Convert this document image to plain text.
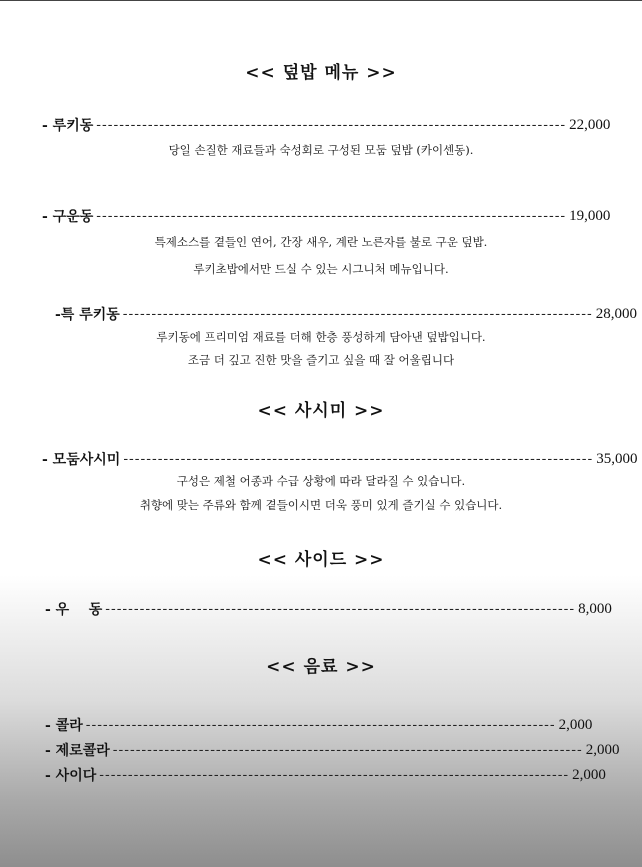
<< 덮밥 메뉴 >>
- 루키동 ---------------------------------------------------------------------------------- 22,000
당일 손질한 재료들과 숙성회로 구성된 모둠 덮밥 (카이센동).
- 구운동 ---------------------------------------------------------------------------------- 19,000
특제소스를 곁들인 연어, 간장 새우, 계란 노른자를 불로 구운 덮밥.
루키초밥에서만 드실 수 있는 시그니처 메뉴입니다.
-특 루키동 ---------------------------------------------------------------------------------- 28,000
루키동에 프리미엄 재료를 더해 한층 풍성하게 담아낸 덮밥입니다.
조금 더 깊고 진한 맛을 즐기고 싶을 때 잘 어울립니다
<< 사시미 >>
- 모둠사시미 ---------------------------------------------------------------------------------- 35,000
구성은 제철 어종과 수급 상황에 따라 달라질 수 있습니다.
취향에 맞는 주류와 함께 곁들이시면 더욱 풍미 있게 즐기실 수 있습니다.
<< 사이드 >>
- 우    동 ---------------------------------------------------------------------------------- 8,000
<< 음료 >>
- 콜라 ---------------------------------------------------------------------------------- 2,000
- 제로콜라 ---------------------------------------------------------------------------------- 2,000
- 사이다 ---------------------------------------------------------------------------------- 2,000
